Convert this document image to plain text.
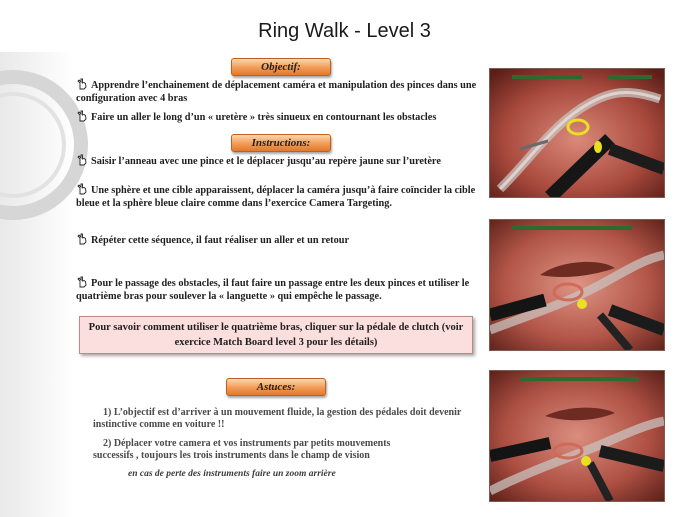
Ring Walk - Level 3
Objectif:
Apprendre l’enchainement de déplacement caméra et manipulation des pinces dans une configuration avec 4 bras
Faire un aller le long d’un « uretère » très sinueux en contournant les obstacles
Instructions:
Saisir l’anneau avec une pince et le déplacer jusqu’au repère jaune sur l’uretère
Une sphère et une cible apparaissent, déplacer la caméra jusqu’à faire coïncider la cible bleue et la sphère bleue claire comme dans l’exercice Camera Targeting.
Répéter cette séquence, il faut réaliser un aller et un retour
Pour le passage des obstacles, il faut faire un passage entre les deux pinces et utiliser le quatrième bras pour soulever la « languette » qui empêche le passage.
Pour savoir comment utiliser le quatrième bras, cliquer sur la pédale de clutch (voir exercice Match Board level 3 pour les détails)
Astuces:
1) L’objectif est d’arriver à un mouvement fluide, la gestion des pédales doit devenir instinctive comme en voiture !!
2) Déplacer votre camera et vos instruments par petits mouvements successifs , toujours les trois instruments dans le champ de vision
en cas de perte des instruments faire un zoom arrière
